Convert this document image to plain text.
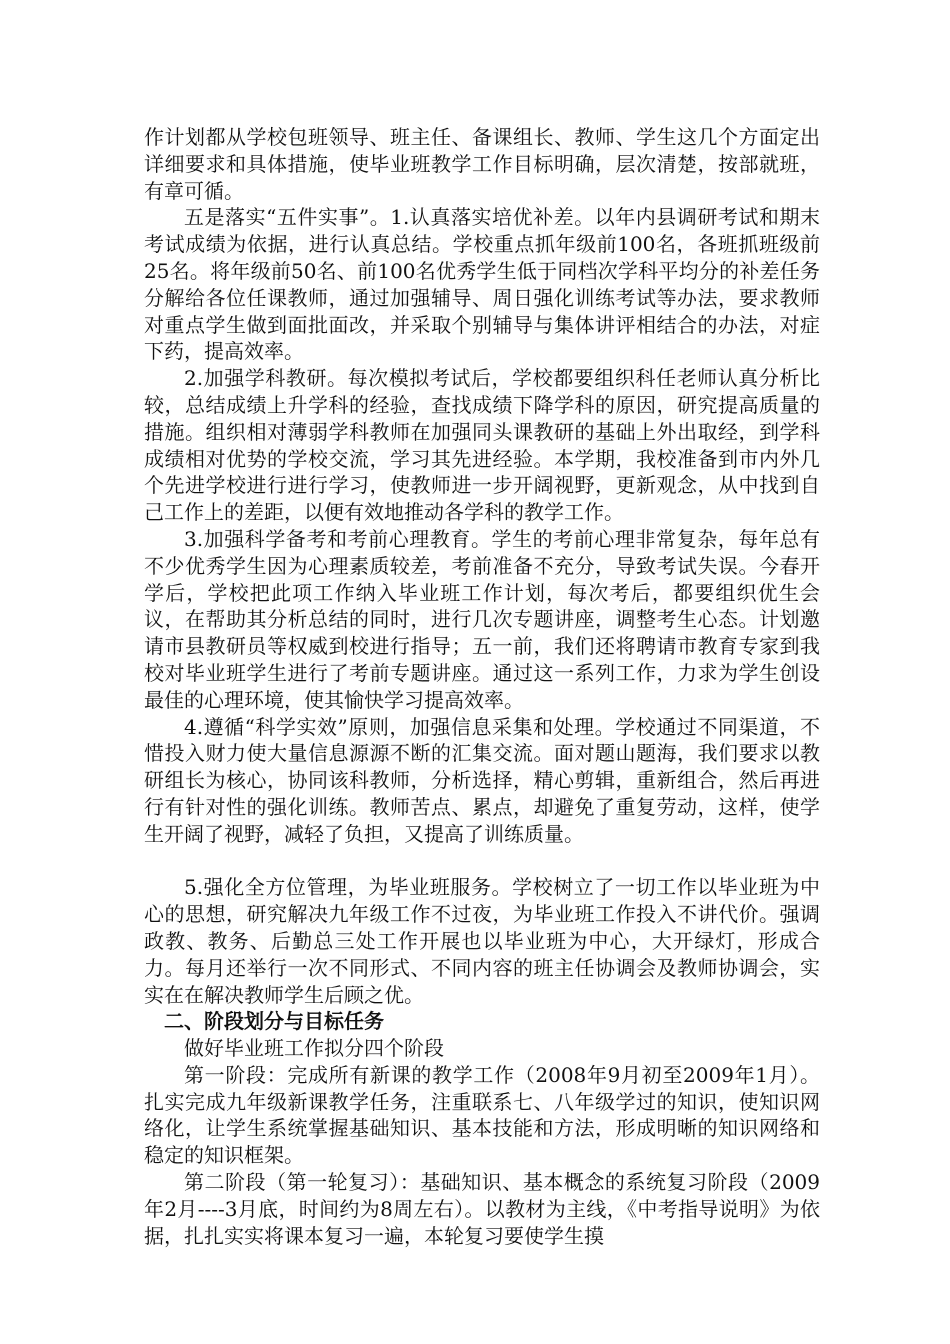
作计划都从学校包班领导、班主任、备课组长、教师、学生这几个方面定出详细要求和具体措施，使毕业班教学工作目标明确，层次清楚，按部就班，有章可循。

五是落实“五件实事”。1.认真落实培优补差。以年内县调研考试和期末考试成绩为依据，进行认真总结。学校重点抓年级前100名，各班抓班级前25名。将年级前50名、前100名优秀学生低于同档次学科平均分的补差任务分解给各位任课教师，通过加强辅导、周日强化训练考试等办法，要求教师对重点学生做到面批面改，并采取个别辅导与集体讲评相结合的办法，对症下药，提高效率。

2.加强学科教研。每次模拟考试后，学校都要组织科任老师认真分析比较，总结成绩上升学科的经验，查找成绩下降学科的原因，研究提高质量的措施。组织相对薄弱学科教师在加强同头课教研的基础上外出取经，到学科成绩相对优势的学校交流，学习其先进经验。本学期，我校准备到市内外几个先进学校进行进行学习，使教师进一步开阔视野，更新观念，从中找到自己工作上的差距，以便有效地推动各学科的教学工作。

3.加强科学备考和考前心理教育。学生的考前心理非常复杂，每年总有不少优秀学生因为心理素质较差，考前准备不充分，导致考试失误。今春开学后，学校把此项工作纳入毕业班工作计划，每次考后，都要组织优生会议，在帮助其分析总结的同时，进行几次专题讲座，调整考生心态。计划邀请市县教研员等权威到校进行指导；五一前，我们还将聘请市教育专家到我校对毕业班学生进行了考前专题讲座。通过这一系列工作，力求为学生创设最佳的心理环境，使其愉快学习提高效率。

4.遵循“科学实效”原则，加强信息采集和处理。学校通过不同渠道，不惜投入财力使大量信息源源不断的汇集交流。面对题山题海，我们要求以教研组长为核心，协同该科教师，分析选择，精心剪辑，重新组合，然后再进行有针对性的强化训练。教师苦点、累点，却避免了重复劳动，这样，使学生开阔了视野，减轻了负担，又提高了训练质量。

5.强化全方位管理，为毕业班服务。学校树立了一切工作以毕业班为中心的思想，研究解决九年级工作不过夜，为毕业班工作投入不讲代价。强调政教、教务、后勤总三处工作开展也以毕业班为中心，大开绿灯，形成合力。每月还举行一次不同形式、不同内容的班主任协调会及教师协调会，实实在在解决教师学生后顾之优。

二、阶段划分与目标任务

做好毕业班工作拟分四个阶段

第一阶段：完成所有新课的教学工作（2008年9月初至2009年1月）。扎实完成九年级新课教学任务，注重联系七、八年级学过的知识，使知识网络化，让学生系统掌握基础知识、基本技能和方法，形成明晰的知识网络和稳定的知识框架。

第二阶段（第一轮复习）：基础知识、基本概念的系统复习阶段（2009年2月----3月底，时间约为8周左右）。以教材为主线，《中考指导说明》为依据，扎扎实实将课本复习一遍，本轮复习要使学生摸
